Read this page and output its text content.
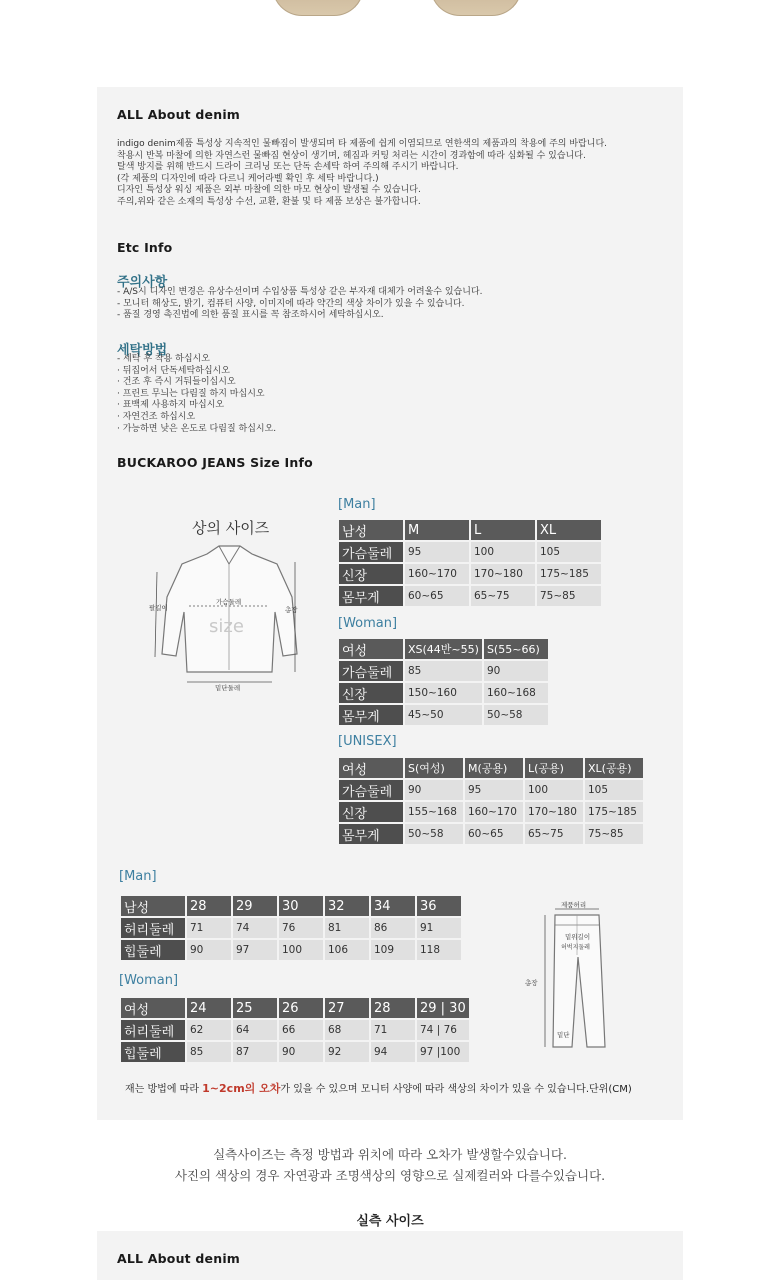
ALL About denim
indigo denim제품 특성상 지속적인 물빠짐이 발생되며 타 제품에 쉽게 이염되므로 연한색의 제품과의 착용에 주의 바랍니다.
착용시 반복 마찰에 의한 자연스런 물빠짐 현상이 생기며, 헤짐과 커팅 처리는 시간이 경과함에 따라 심화될 수 있습니다.
탈색 방지를 위해 반드시 드라이 크리닝 또는 단독 손세탁 하여 주의해 주시기 바랍니다.
(각 제품의 디자인에 따라 다르니 케어라벨 확인 후 세탁 바랍니다.)
디자인 특성상 워싱 제품은 외부 마찰에 의한 마모 현상이 발생될 수 있습니다.
주의,위와 같은 소재의 특성상 수선, 교환, 환불 및 타 제품 보상은 불가합니다.
Etc Info
주의사항
- A/S시 디자인 변경은 유상수선이며 수입상품 특성상 같은 부자재 대체가 어려울수 있습니다.
- 모니터 해상도, 밝기, 컴퓨터 사양, 이미지에 따라 약간의 색상 차이가 있을 수 있습니다.
- 품질 경영 촉진법에 의한 품질 표시를 꼭 참조하시어 세탁하십시오.
세탁방법
- 세탁 후 착용 하십시오
· 뒤집어서 단독세탁하십시오
· 건조 후 즉시 거둬들이십시오
· 프린트 무늬는 다림질 하지 마십시오
· 표백제 사용하지 마십시오
· 자연건조 하십시오
· 가능하면 낮은 온도로 다림질 하십시오.
BUCKAROO JEANS Size Info
상의 사이즈
size
가슴둘레
밑단둘레
총장
팔길이
[Man]
남성	M	L	XL
가슴둘레	95	100	105
신장	160~170	170~180	175~185
몸무게	60~65	65~75	75~85
[Woman]
여성	XS(44반~55)	S(55~66)
가슴둘레	85	90
신장	150~160	160~168
몸무게	45~50	50~58
[UNISEX]
여성	S(여성)	M(공용)	L(공용)	XL(공용)
가슴둘레	90	95	100	105
신장	155~168	160~170	170~180	175~185
몸무게	50~58	60~65	65~75	75~85
[Man]
남성	28	29	30	32	34	36
허리둘레	71	74	76	81	86	91
힙둘레	90	97	100	106	109	118
[Woman]
여성	24	25	26	27	28	29 | 30
허리둘레	62	64	66	68	71	74 | 76
힙둘레	85	87	90	92	94	97 |100
제품허리
밑위길이
허벅지둘레
총장
밑단
재는 방법에 따라 1~2cm의 오차가 있을 수 있으며 모니터 사양에 따라 색상의 차이가 있을 수 있습니다.단위(CM)
실측사이즈는 측정 방법과 위치에 따라 오차가 발생할수있습니다.
사진의 색상의 경우 자연광과 조명색상의 영향으로 실제컬러와 다를수있습니다.
실측 사이즈
ALL About denim
